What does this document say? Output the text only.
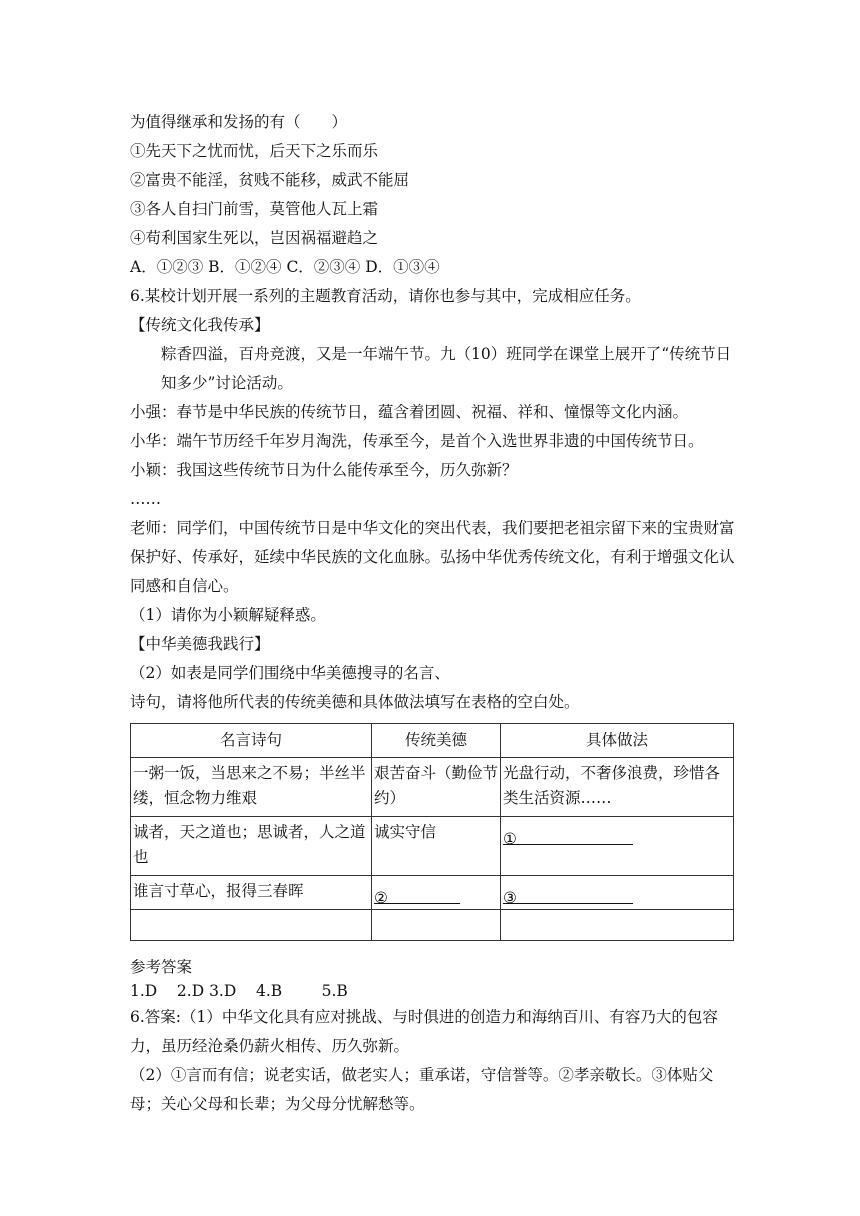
为值得继承和发扬的有（　　）
①先天下之忧而忧，后天下之乐而乐
②富贵不能淫，贫贱不能移，威武不能屈
③各人自扫门前雪，莫管他人瓦上霜
④苟利国家生死以，岂因祸福避趋之
A．①②③ B．①②④ C．②③④ D．①③④
6.某校计划开展一系列的主题教育活动，请你也参与其中，完成相应任务。
【传统文化我传承】
粽香四溢，百舟竞渡，又是一年端午节。九（10）班同学在课堂上展开了“传统节日知多少”讨论活动。
小强：春节是中华民族的传统节日，蕴含着团圆、祝福、祥和、憧憬等文化内涵。
小华：端午节历经千年岁月淘洗，传承至今，是首个入选世界非遗的中国传统节日。
小颖：我国这些传统节日为什么能传承至今，历久弥新？
……
老师：同学们，中国传统节日是中华文化的突出代表，我们要把老祖宗留下来的宝贵财富保护好、传承好，延续中华民族的文化血脉。弘扬中华优秀传统文化，有利于增强文化认同感和自信心。
（1）请你为小颖解疑释惑。
【中华美德我践行】
（2）如表是同学们围绕中华美德搜寻的名言、
诗句，请将他所代表的传统美德和具体做法填写在表格的空白处。
名言诗句	传统美德	具体做法
一粥一饭，当思来之不易；半丝半缕，恒念物力维艰	艰苦奋斗（勤俭节约）	光盘行动，不奢侈浪费，珍惜各类生活资源……
诚者，天之道也；思诚者，人之道也	诚实守信	①
谁言寸草心，报得三春晖	②	③

参考答案
1.D    2.D 3.D    4.B        5.B
6.答案:（1）中华文化具有应对挑战、与时俱进的创造力和海纳百川、有容乃大的包容力，虽历经沧桑仍薪火相传、历久弥新。
（2）①言而有信；说老实话，做老实人；重承诺，守信誉等。②孝亲敬长。③体贴父母；关心父母和长辈；为父母分忧解愁等。
